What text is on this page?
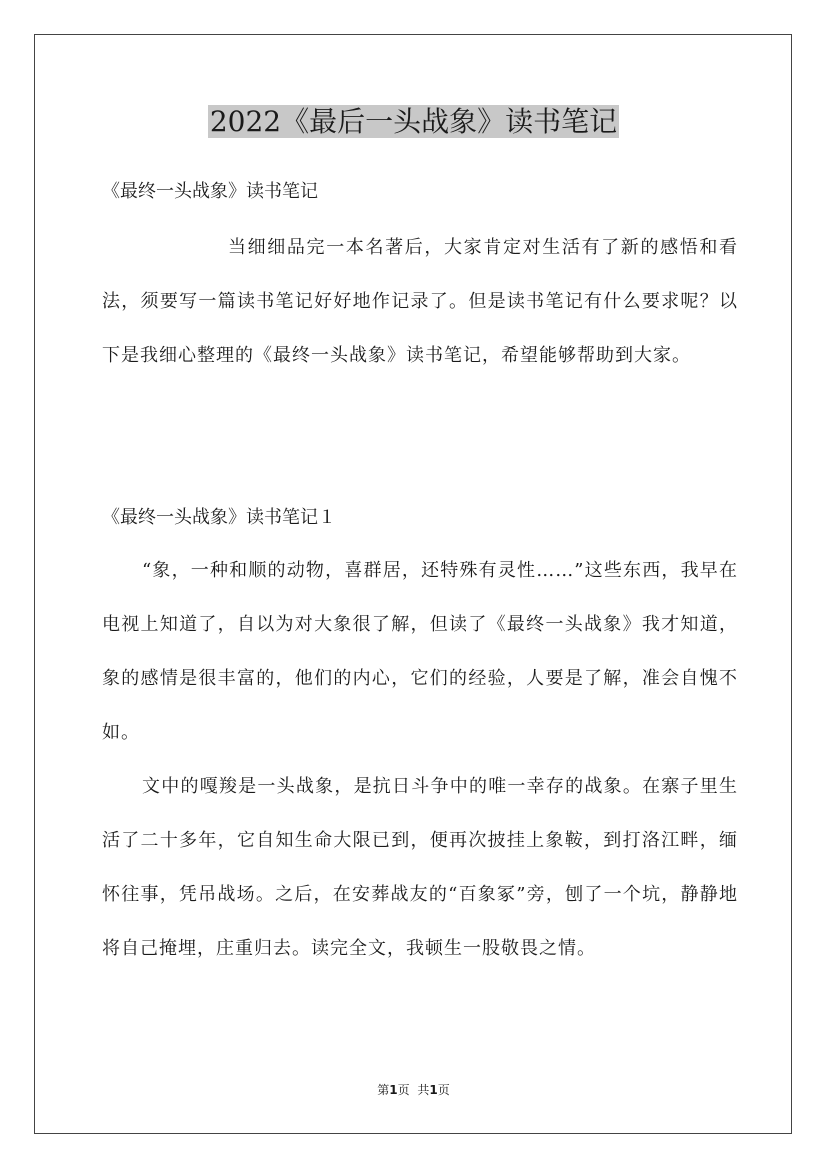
2022《最后一头战象》读书笔记

《最终一头战象》读书笔记

当细细品完一本名著后，大家肯定对生活有了新的感悟和看法，须要写一篇读书笔记好好地作记录了。但是读书笔记有什么要求呢？以下是我细心整理的《最终一头战象》读书笔记，希望能够帮助到大家。

《最终一头战象》读书笔记１

“象，一种和顺的动物，喜群居，还特殊有灵性……”这些东西，我早在电视上知道了，自以为对大象很了解，但读了《最终一头战象》我才知道，象的感情是很丰富的，他们的内心，它们的经验，人要是了解，准会自愧不如。

文中的嘎羧是一头战象，是抗日斗争中的唯一幸存的战象。在寨子里生活了二十多年，它自知生命大限已到，便再次披挂上象鞍，到打洛江畔，缅怀往事，凭吊战场。之后，在安葬战友的“百象冢”旁，刨了一个坑，静静地将自己掩埋，庄重归去。读完全文，我顿生一股敬畏之情。

第1页 共1页
